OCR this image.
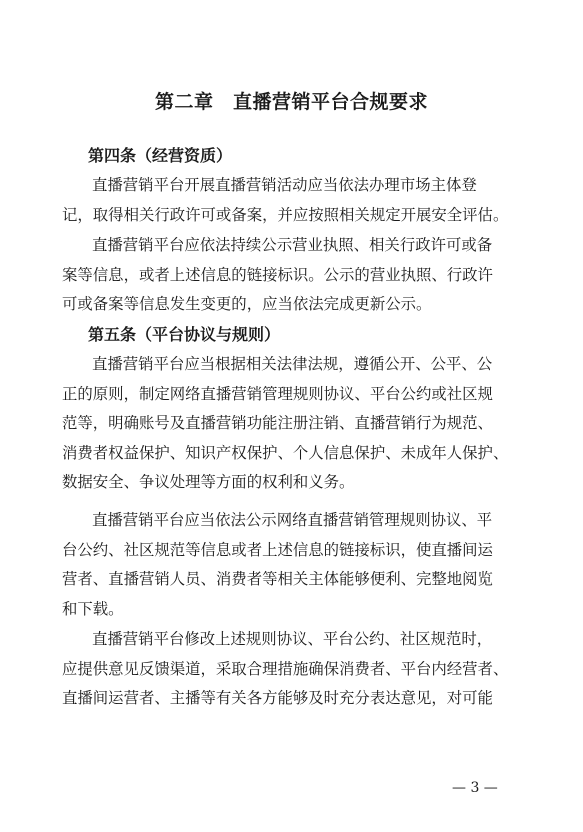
第二章　直播营销平台合规要求
第四条（经营资质）
直播营销平台开展直播营销活动应当依法办理市场主体登
记，取得相关行政许可或备案，并应按照相关规定开展安全评估。
直播营销平台应依法持续公示营业执照、相关行政许可或备
案等信息，或者上述信息的链接标识。公示的营业执照、行政许
可或备案等信息发生变更的，应当依法完成更新公示。
第五条（平台协议与规则）
直播营销平台应当根据相关法律法规，遵循公开、公平、公
正的原则，制定网络直播营销管理规则协议、平台公约或社区规
范等，明确账号及直播营销功能注册注销、直播营销行为规范、
消费者权益保护、知识产权保护、个人信息保护、未成年人保护、
数据安全、争议处理等方面的权利和义务。
直播营销平台应当依法公示网络直播营销管理规则协议、平
台公约、社区规范等信息或者上述信息的链接标识，使直播间运
营者、直播营销人员、消费者等相关主体能够便利、完整地阅览
和下载。
直播营销平台修改上述规则协议、平台公约、社区规范时，
应提供意见反馈渠道，采取合理措施确保消费者、平台内经营者、
直播间运营者、主播等有关各方能够及时充分表达意见，对可能
— 3 —
